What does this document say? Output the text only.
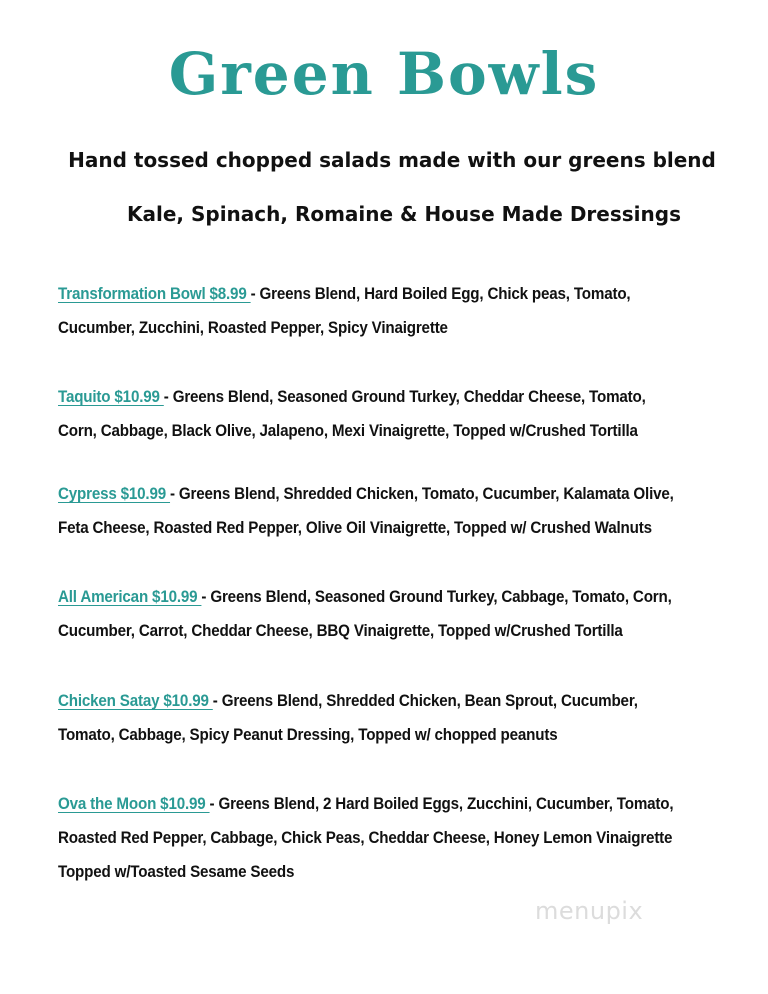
Green Bowls

Hand tossed chopped salads made with our greens blend

Kale, Spinach, Romaine & House Made Dressings

Transformation Bowl $8.99 - Greens Blend, Hard Boiled Egg, Chick peas, Tomato,
Cucumber, Zucchini, Roasted Pepper, Spicy Vinaigrette
Taquito $10.99 - Greens Blend, Seasoned Ground Turkey, Cheddar Cheese, Tomato,
Corn, Cabbage, Black Olive, Jalapeno, Mexi Vinaigrette, Topped w/Crushed Tortilla
Cypress $10.99 - Greens Blend, Shredded Chicken, Tomato, Cucumber, Kalamata Olive,
Feta Cheese, Roasted Red Pepper, Olive Oil Vinaigrette, Topped w/ Crushed Walnuts
All American $10.99 - Greens Blend, Seasoned Ground Turkey, Cabbage, Tomato, Corn,
Cucumber, Carrot, Cheddar Cheese, BBQ Vinaigrette, Topped w/Crushed Tortilla
Chicken Satay $10.99 - Greens Blend, Shredded Chicken, Bean Sprout, Cucumber,
Tomato, Cabbage, Spicy Peanut Dressing, Topped w/ chopped peanuts
Ova the Moon $10.99 - Greens Blend, 2 Hard Boiled Eggs, Zucchini, Cucumber, Tomato,
Roasted Red Pepper, Cabbage, Chick Peas, Cheddar Cheese, Honey Lemon Vinaigrette
Topped w/Toasted Sesame Seeds
menupix
